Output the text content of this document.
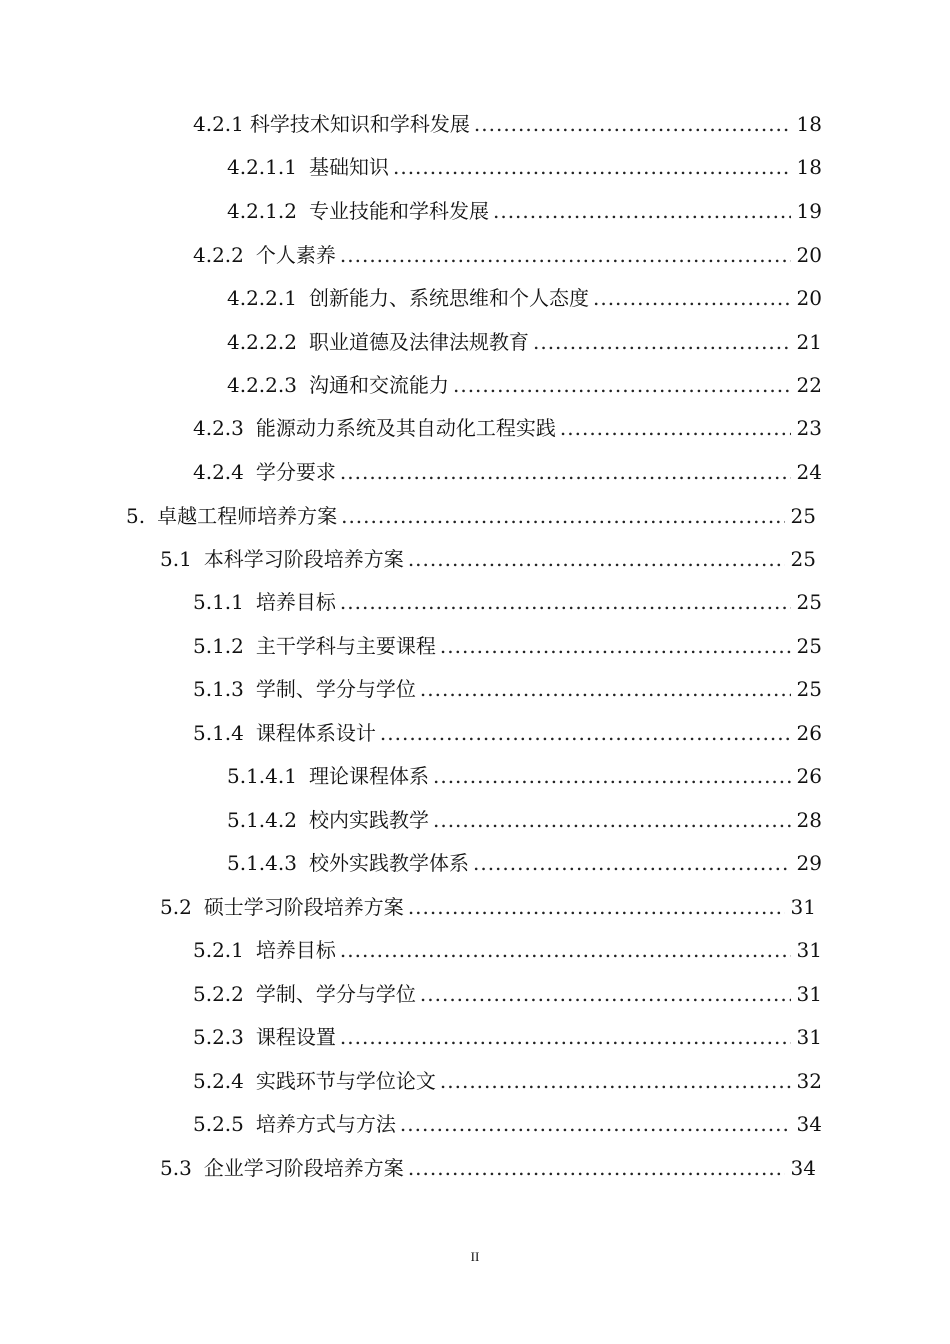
4.2.1 科学技术知识和学科发展 .....	18
4.2.1.1 基础知识 .....	18
4.2.1.2 专业技能和学科发展 .....	19
4.2.2 个人素养 .....	20
4.2.2.1 创新能力、系统思维和个人态度 .....	20
4.2.2.2 职业道德及法律法规教育 .....	21
4.2.2.3 沟通和交流能力 .....	22
4.2.3 能源动力系统及其自动化工程实践 .....	23
4.2.4 学分要求 .....	24
5. 卓越工程师培养方案 .....	25
5.1 本科学习阶段培养方案 .....	25
5.1.1 培养目标 .....	25
5.1.2 主干学科与主要课程 .....	25
5.1.3 学制、学分与学位 .....	25
5.1.4 课程体系设计 .....	26
5.1.4.1 理论课程体系 .....	26
5.1.4.2 校内实践教学 .....	28
5.1.4.3 校外实践教学体系 .....	29
5.2 硕士学习阶段培养方案 .....	31
5.2.1 培养目标 .....	31
5.2.2 学制、学分与学位 .....	31
5.2.3 课程设置 .....	31
5.2.4 实践环节与学位论文 .....	32
5.2.5 培养方式与方法 .....	34
5.3 企业学习阶段培养方案 .....	34
II
